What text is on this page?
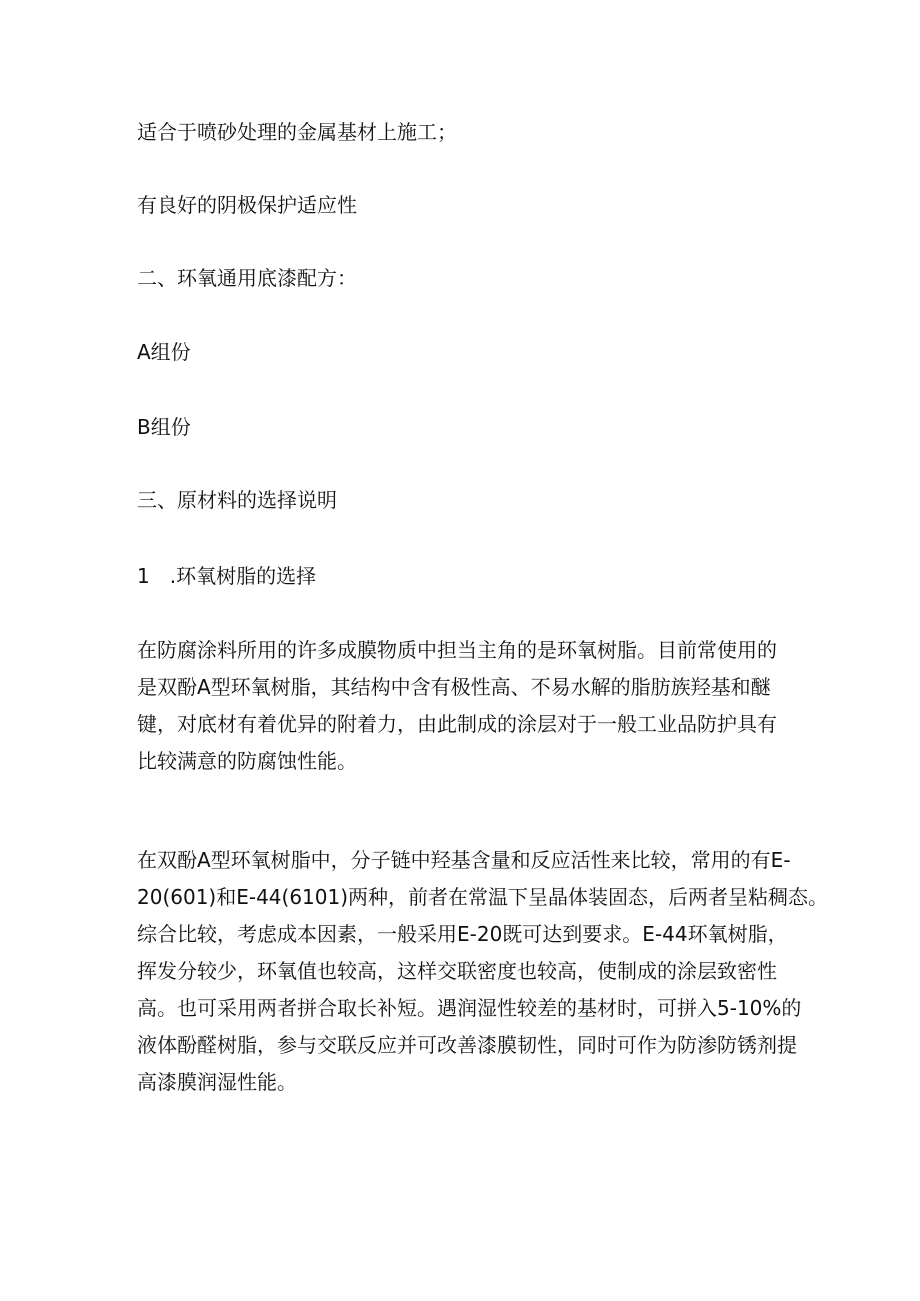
适合于喷砂处理的金属基材上施工；

有良好的阴极保护适应性

二、环氧通用底漆配方：

A组份

B组份

三、原材料的选择说明

1　.环氧树脂的选择

在防腐涂料所用的许多成膜物质中担当主角的是环氧树脂。目前常使用的
是双酚A型环氧树脂，其结构中含有极性高、不易水解的脂肪族羟基和醚
键，对底材有着优异的附着力，由此制成的涂层对于一般工业品防护具有
比较满意的防腐蚀性能。
在双酚A型环氧树脂中，分子链中羟基含量和反应活性来比较，常用的有E-
20(601)和E-44(6101)两种，前者在常温下呈晶体装固态，后两者呈粘稠态。
综合比较，考虑成本因素，一般采用E-20既可达到要求。E-44环氧树脂，
挥发分较少，环氧值也较高，这样交联密度也较高，使制成的涂层致密性
高。也可采用两者拼合取长补短。遇润湿性较差的基材时，可拼入5-10%的
液体酚醛树脂，参与交联反应并可改善漆膜韧性，同时可作为防渗防锈剂提
高漆膜润湿性能。
